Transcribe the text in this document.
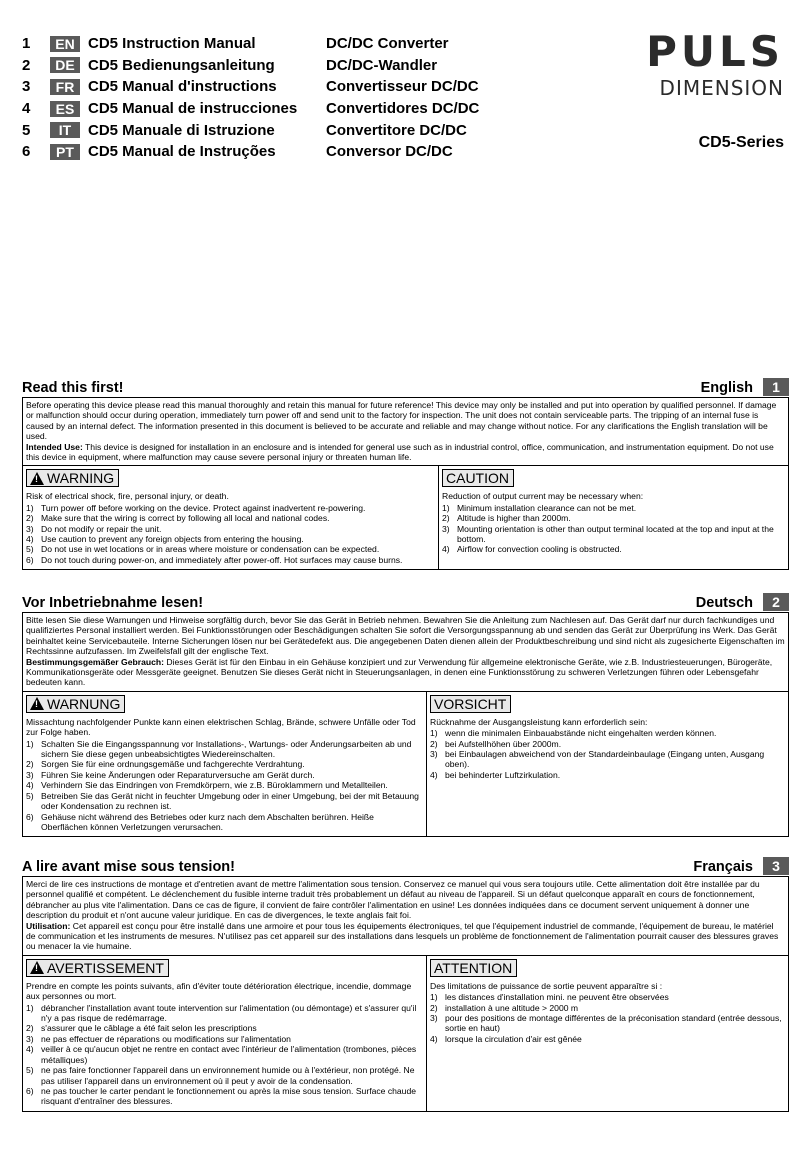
1	EN CD5 Instruction Manual	DC/DC Converter
2	DE CD5 Bedienungsanleitung	DC/DC-Wandler
3	FR CD5 Manual d'instructions	Convertisseur DC/DC
4	ES CD5 Manual de instrucciones	Convertidores DC/DC
5	IT	CD5 Manuale di Istruzione	Convertitore DC/DC
6	PT CD5 Manual de Instruções	Conversor DC/DC
PULS
DIMENSION
CD5-Series
Read this first!	English	1

Before operating this device please read this manual thoroughly and retain this manual for future reference! This device may only be installed and put into operation by qualified personnel. If damage or malfunction should occur during operation, immediately turn power off and send unit to the factory for inspection. The unit does not contain serviceable parts. The tripping of an internal fuse is caused by an internal defect. The information presented in this document is believed to be accurate and reliable and may change without notice. For any clarifications the English translation will be used.

Intended Use: This device is designed for installation in an enclosure and is intended for general use such as in industrial control, office, communication, and instrumentation equipment. Do not use this device in equipment, where malfunction may cause severe personal injury or threaten human life.

! WARNING

Risk of electrical shock, fire, personal injury, or death.

1) Turn power off before working on the device. Protect against inadvertent re-powering.
2) Make sure that the wiring is correct by following all local and national codes.
3) Do not modify or repair the unit.
4) Use caution to prevent any foreign objects from entering the housing.
5) Do not use in wet locations or in areas where moisture or condensation can be expected.
6) Do not touch during power-on, and immediately after power-off. Hot surfaces may cause burns.
CAUTION

Reduction of output current may be necessary when:

1) Minimum installation clearance can not be met.
2) Altitude is higher than 2000m.
3) Mounting orientation is other than output terminal located at the top and input at the bottom.
4) Airflow for convection cooling is obstructed.
Vor Inbetriebnahme lesen!	Deutsch	2

Bitte lesen Sie diese Warnungen und Hinweise sorgfältig durch, bevor Sie das Gerät in Betrieb nehmen. Bewahren Sie die Anleitung zum Nachlesen auf. Das Gerät darf nur durch fachkundiges und qualifiziertes Personal installiert werden. Bei Funktionsstörungen oder Beschädigungen schalten Sie sofort die Versorgungsspannung ab und senden das Gerät zur Überprüfung ins Werk. Das Gerät beinhaltet keine Servicebauteile. Interne Sicherungen lösen nur bei Gerätedefekt aus. Die angegebenen Daten dienen allein der Produktbeschreibung und sind nicht als zugesicherte Eigenschaften im Rechtssinne aufzufassen. Im Zweifelsfall gilt der englische Text.

Bestimmungsgemäßer Gebrauch: Dieses Gerät ist für den Einbau in ein Gehäuse konzipiert und zur Verwendung für allgemeine elektronische Geräte, wie z.B. Industriesteuerungen, Bürogeräte, Kommunikationsgeräte oder Messgeräte geeignet. Benutzen Sie dieses Gerät nicht in Steuerungsanlagen, in denen eine Funktionsstörung zu schweren Verletzungen führen oder Lebensgefahr bedeuten kann.

! WARNUNG

Missachtung nachfolgender Punkte kann einen elektrischen Schlag, Brände, schwere Unfälle oder Tod zur Folge haben.

1) Schalten Sie die Eingangsspannung vor Installations-, Wartungs- oder Änderungsarbeiten ab und sichern Sie diese gegen unbeabsichtigtes Wiedereinschalten.
2) Sorgen Sie für eine ordnungsgemäße und fachgerechte Verdrahtung.
3) Führen Sie keine Änderungen oder Reparaturversuche am Gerät durch.
4) Verhindern Sie das Eindringen von Fremdkörpern, wie z.B. Büroklammern und Metallteilen.
5) Betreiben Sie das Gerät nicht in feuchter Umgebung oder in einer Umgebung, bei der mit Betauung oder Kondensation zu rechnen ist.
6) Gehäuse nicht während des Betriebes oder kurz nach dem Abschalten berühren. Heiße Oberflächen können Verletzungen verursachen.
VORSICHT

Rücknahme der Ausgangsleistung kann erforderlich sein:

1) wenn die minimalen Einbauabstände nicht eingehalten werden können.
2) bei Aufstellhöhen über 2000m.
3) bei Einbaulagen abweichend von der Standardeinbaulage (Eingang unten, Ausgang oben).
4) bei behinderter Luftzirkulation.
A lire avant mise sous tension!	Français	3

Merci de lire ces instructions de montage et d'entretien avant de mettre l'alimentation sous tension. Conservez ce manuel qui vous sera toujours utile. Cette alimentation doit être installée par du personnel qualifié et compétent. Le déclenchement du fusible interne traduit très probablement un défaut au niveau de l'appareil. Si un défaut quelconque apparaît en cours de fonctionnement, débrancher au plus vite l'alimentation. Dans ce cas de figure, il convient de faire contrôler l'alimentation en usine! Les données indiquées dans ce document servent uniquement à donner une description du produit et n'ont aucune valeur juridique. En cas de divergences, le texte anglais fait foi.

Utilisation: Cet appareil est conçu pour être installé dans une armoire et pour tous les équipements électroniques, tel que l'équipement industriel de commande, l'équipement de bureau, le matériel de communication et les instruments de mesures. N'utilisez pas cet appareil sur des installations dans lesquels un problème de fonctionnement de l'alimentation pourrait causer des blessures graves ou menacer la vie humaine.

! AVERTISSEMENT

Prendre en compte les points suivants, afin d'éviter toute détérioration électrique, incendie, dommage aux personnes ou mort.

1) débrancher l'installation avant toute intervention sur l'alimentation (ou démontage) et s'assurer qu'il n'y a pas risque de redémarrage.
2) s'assurer que le câblage a été fait selon les prescriptions
3) ne pas effectuer de réparations ou modifications sur l'alimentation
4) veiller à ce qu'aucun objet ne rentre en contact avec l'intérieur de l'alimentation (trombones, pièces métalliques)
5) ne pas faire fonctionner l'appareil dans un environnement humide ou à l'extérieur, non protégé. Ne pas utiliser l'appareil dans un environnement où il peut y avoir de la condensation.
6) ne pas toucher le carter pendant le fonctionnement ou après la mise sous tension. Surface chaude risquant d'entraîner des blessures.
ATTENTION

Des limitations de puissance de sortie peuvent apparaître si :

1) les distances d'installation mini. ne peuvent être observées
2) installation à une altitude > 2000 m
3) pour des positions de montage différentes de la préconisation standard (entrée dessous, sortie en haut)
4) lorsque la circulation d'air est gênée
